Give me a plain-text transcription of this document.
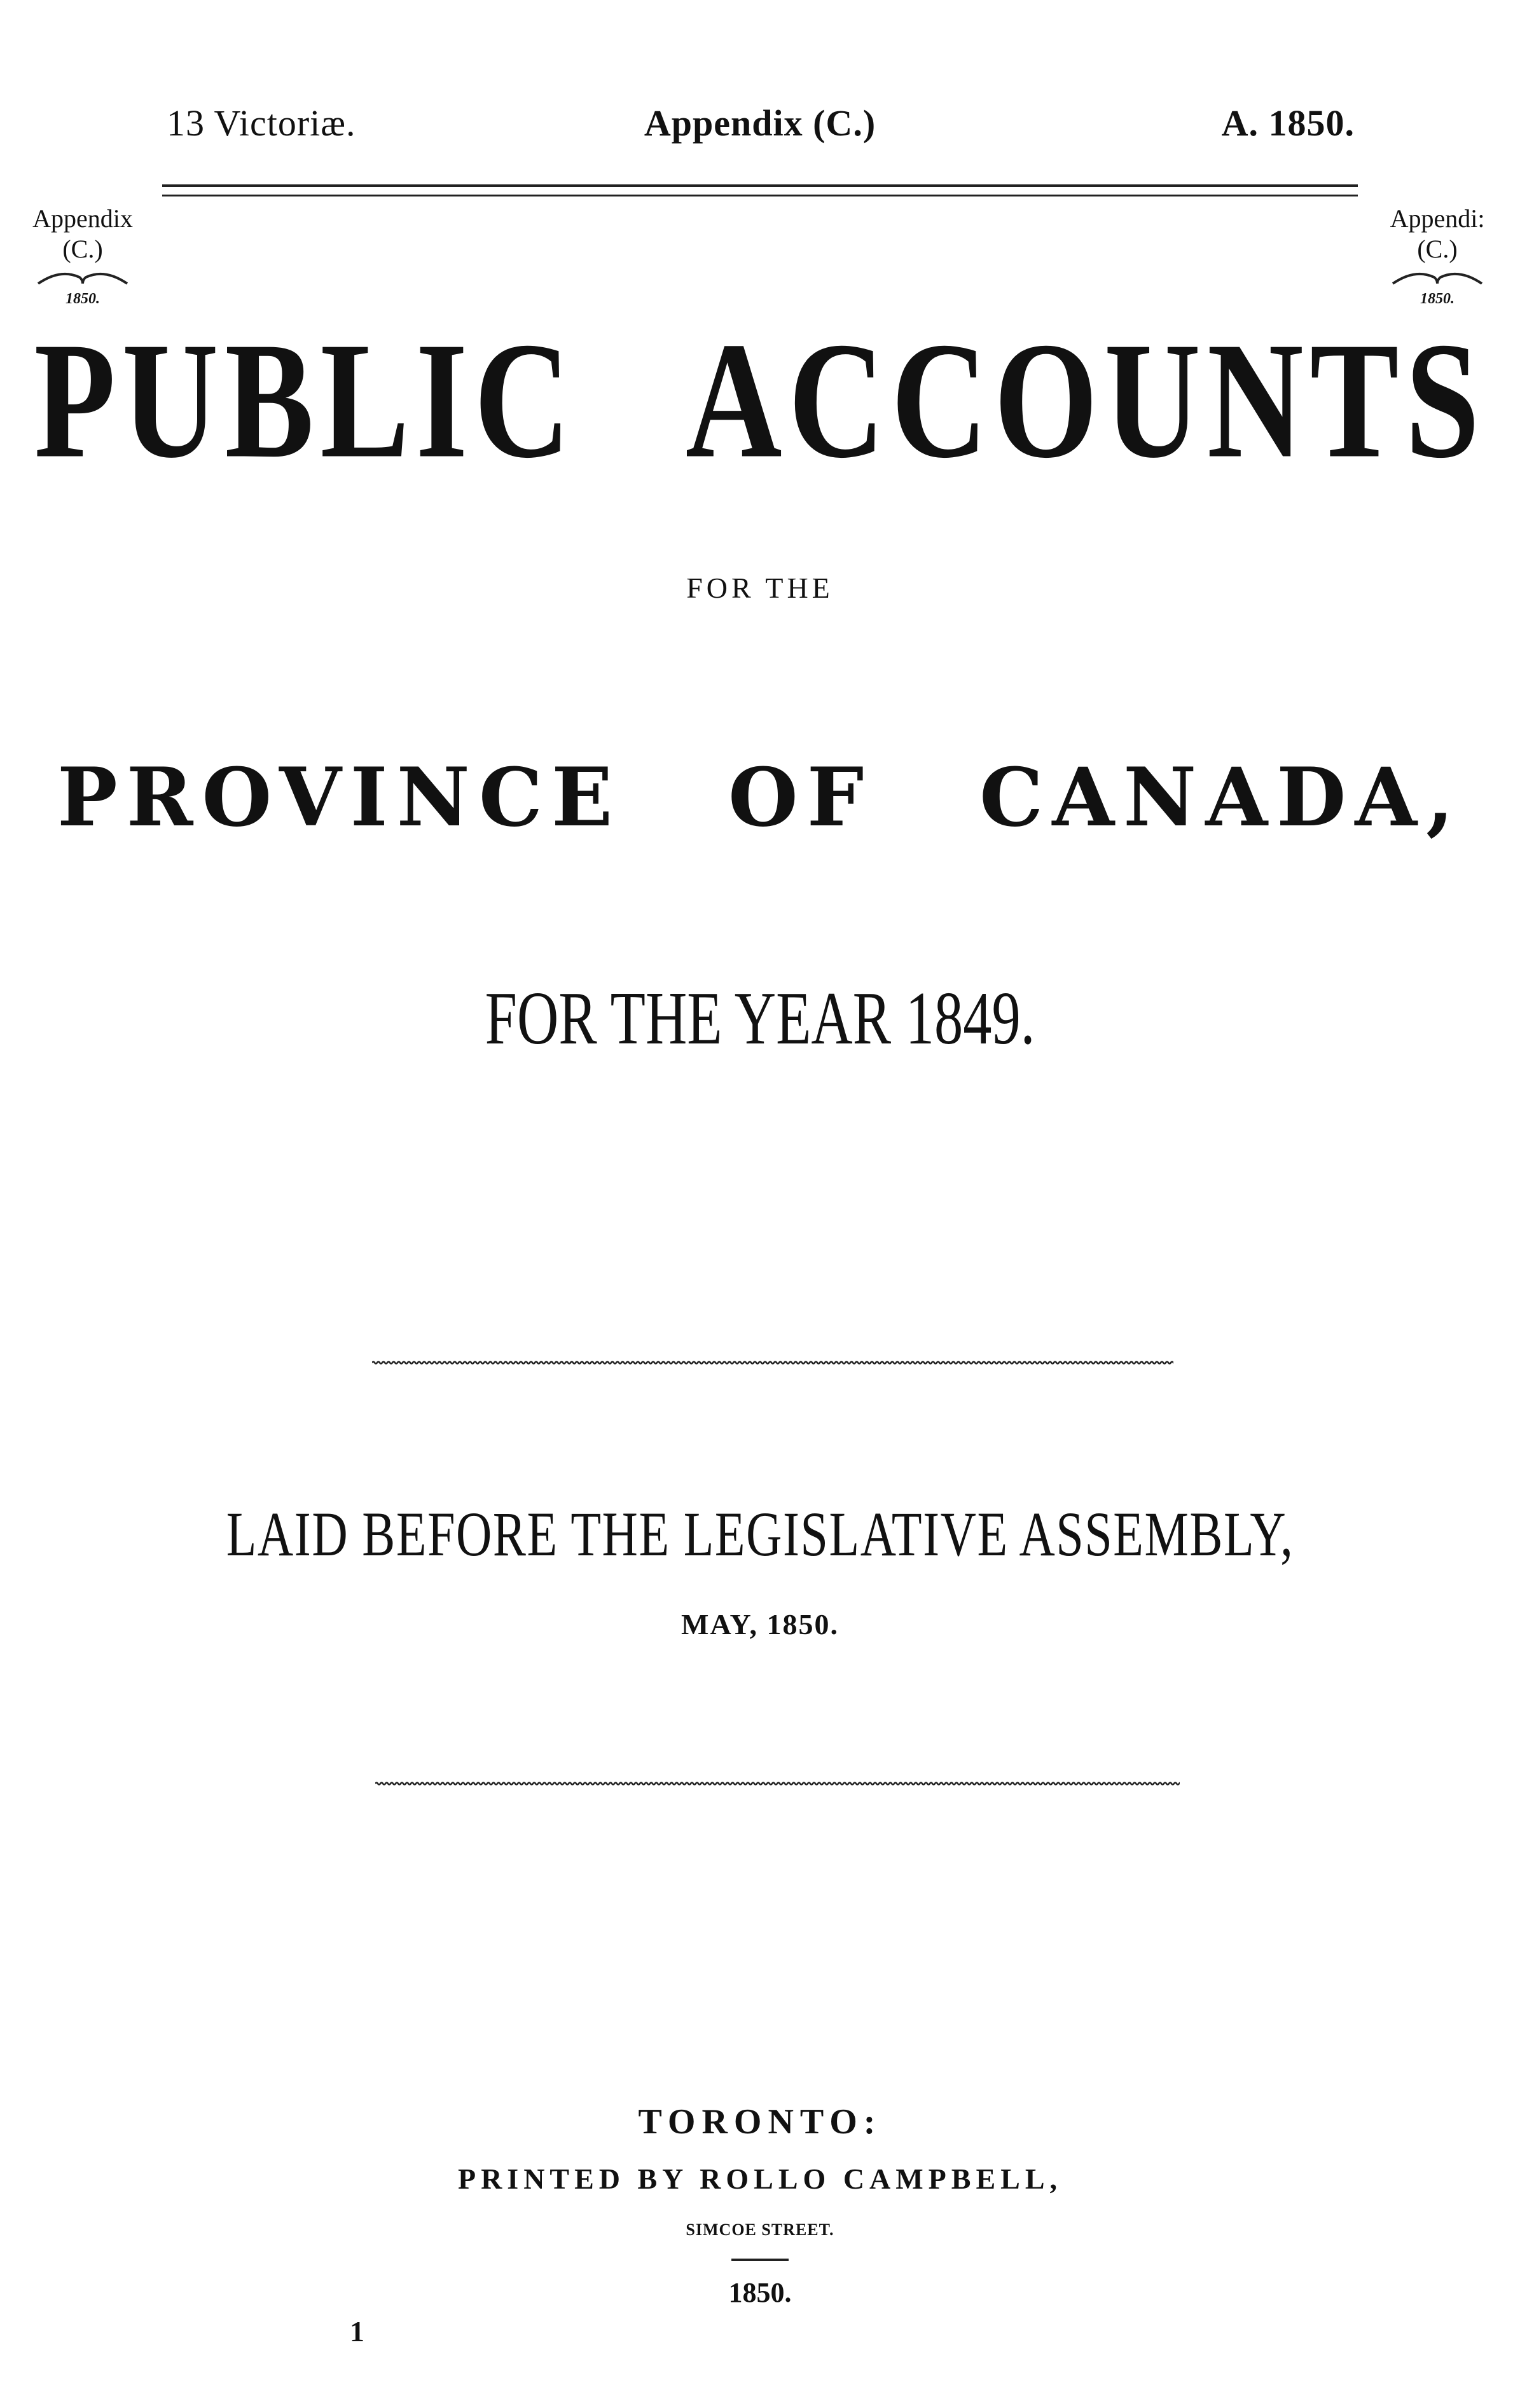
13 Victoriæ.	Appendix (C.)	A. 1850.
Appendix
(C.)
1850.
Appendi:
(C.)
1850.
PUBLIC ACCOUNTS
FOR THE
PROVINCE OF CANADA,
FOR THE YEAR 1849.
LAID BEFORE THE LEGISLATIVE ASSEMBLY,
MAY, 1850.
TORONTO:
PRINTED BY ROLLO CAMPBELL,
SIMCOE STREET.
1850.
1
